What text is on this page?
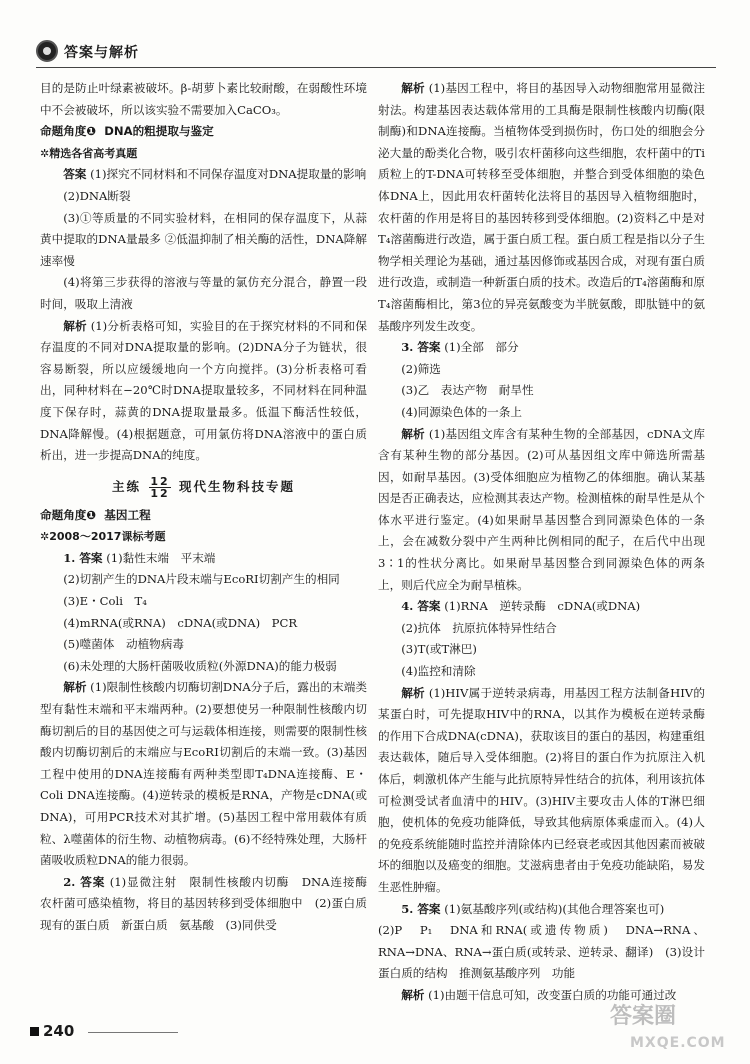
答案与解析

目的是防止叶绿素被破坏。β-胡萝卜素比较耐酸，在弱酸性环境中不会被破坏，所以该实验不需要加入CaCO₃。

命题角度❶ DNA的粗提取与鉴定

✲精选各省高考真题

答案 (1)探究不同材料和不同保存温度对DNA提取量的影响

(2)DNA断裂

(3)①等质量的不同实验材料，在相同的保存温度下，从蒜黄中提取的DNA量最多 ②低温抑制了相关酶的活性，DNA降解速率慢

(4)将第三步获得的溶液与等量的氯仿充分混合，静置一段时间，吸取上清液

解析 (1)分析表格可知，实验目的在于探究材料的不同和保存温度的不同对DNA提取量的影响。(2)DNA分子为链状，很容易断裂，所以应缓缓地向一个方向搅拌。(3)分析表格可看出，同种材料在−20℃时DNA提取量较多，不同材料在同种温度下保存时，蒜黄的DNA提取量最多。低温下酶活性较低，DNA降解慢。(4)根据题意，可用氯仿将DNA溶液中的蛋白质析出，进一步提高DNA的纯度。

主练 $\frac{12}{12}$ 现代生物科技专题

命题角度❶ 基因工程

✲2008～2017课标考题

1. 答案 (1)黏性末端　平末端

(2)切割产生的DNA片段末端与EcoRⅠ切割产生的相同

(3)E・Coli　T₄

(4)mRNA(或RNA)　cDNA(或DNA)　PCR

(5)噬菌体　动植物病毒

(6)未处理的大肠杆菌吸收质粒(外源DNA)的能力极弱

解析 (1)限制性核酸内切酶切割DNA分子后，露出的末端类型有黏性末端和平末端两种。(2)要想使另一种限制性核酸内切酶切割后的目的基因使之可与运载体相连接，则需要的限制性核酸内切酶切割后的末端应与EcoRⅠ切割后的末端一致。(3)基因工程中使用的DNA连接酶有两种类型即T₄DNA连接酶、E・Coli DNA连接酶。(4)逆转录的模板是RNA，产物是cDNA(或DNA)，可用PCR技术对其扩增。(5)基因工程中常用载体有质粒、λ噬菌体的衍生物、动植物病毒。(6)不经特殊处理，大肠杆菌吸收质粒DNA的能力很弱。

2. 答案 (1)显微注射　限制性核酸内切酶　DNA连接酶　农杆菌可感染植物，将目的基因转移到受体细胞中　(2)蛋白质　现有的蛋白质　新蛋白质　氨基酸　(3)同供受

解析 (1)基因工程中，将目的基因导入动物细胞常用显微注射法。构建基因表达载体常用的工具酶是限制性核酸内切酶(限制酶)和DNA连接酶。当植物体受到损伤时，伤口处的细胞会分泌大量的酚类化合物，吸引农杆菌移向这些细胞，农杆菌中的Ti质粒上的T-DNA可转移至受体细胞，并整合到受体细胞的染色体DNA上，因此用农杆菌转化法将目的基因导入植物细胞时，农杆菌的作用是将目的基因转移到受体细胞。(2)资料乙中是对T₄溶菌酶进行改造，属于蛋白质工程。蛋白质工程是指以分子生物学相关理论为基础，通过基因修饰或基因合成，对现有蛋白质进行改造，或制造一种新蛋白质的技术。改造后的T₄溶菌酶和原T₄溶菌酶相比，第3位的异亮氨酸变为半胱氨酸，即肽链中的氨基酸序列发生改变。

3. 答案 (1)全部　部分

(2)筛选

(3)乙　表达产物　耐旱性

(4)同源染色体的一条上

解析 (1)基因组文库含有某种生物的全部基因，cDNA文库含有某种生物的部分基因。(2)可从基因组文库中筛选所需基因，如耐旱基因。(3)受体细胞应为植物乙的体细胞。确认某基因是否正确表达，应检测其表达产物。检测植株的耐旱性是从个体水平进行鉴定。(4)如果耐旱基因整合到同源染色体的一条上，会在减数分裂中产生两种比例相同的配子，在后代中出现3∶1的性状分离比。如果耐旱基因整合到同源染色体的两条上，则后代应全为耐旱植株。

4. 答案 (1)RNA　逆转录酶　cDNA(或DNA)

(2)抗体　抗原抗体特异性结合

(3)T(或T淋巴)

(4)监控和清除

解析 (1)HIV属于逆转录病毒，用基因工程方法制备HIV的某蛋白时，可先提取HIV中的RNA，以其作为模板在逆转录酶的作用下合成DNA(cDNA)，获取该目的蛋白的基因，构建重组表达载体，随后导入受体细胞。(2)将目的蛋白作为抗原注入机体后，刺激机体产生能与此抗原特异性结合的抗体，利用该抗体可检测受试者血清中的HIV。(3)HIV主要攻击人体的T淋巴细胞，使机体的免疫功能降低，导致其他病原体乘虚而入。(4)人的免疫系统能随时监控并清除体内已经衰老或因其他因素而被破坏的细胞以及癌变的细胞。艾滋病患者由于免疫功能缺陷，易发生恶性肿瘤。

5. 答案 (1)氨基酸序列(或结构)(其他合理答案也可)

(2)P　P₁　DNA和RNA(或遗传物质)　DNA→RNA、RNA→DNA、RNA→蛋白质(或转录、逆转录、翻译)　(3)设计蛋白质的结构　推测氨基酸序列　功能

解析 (1)由题干信息可知，改变蛋白质的功能可通过改

240
答案圈
MXQE.COM
